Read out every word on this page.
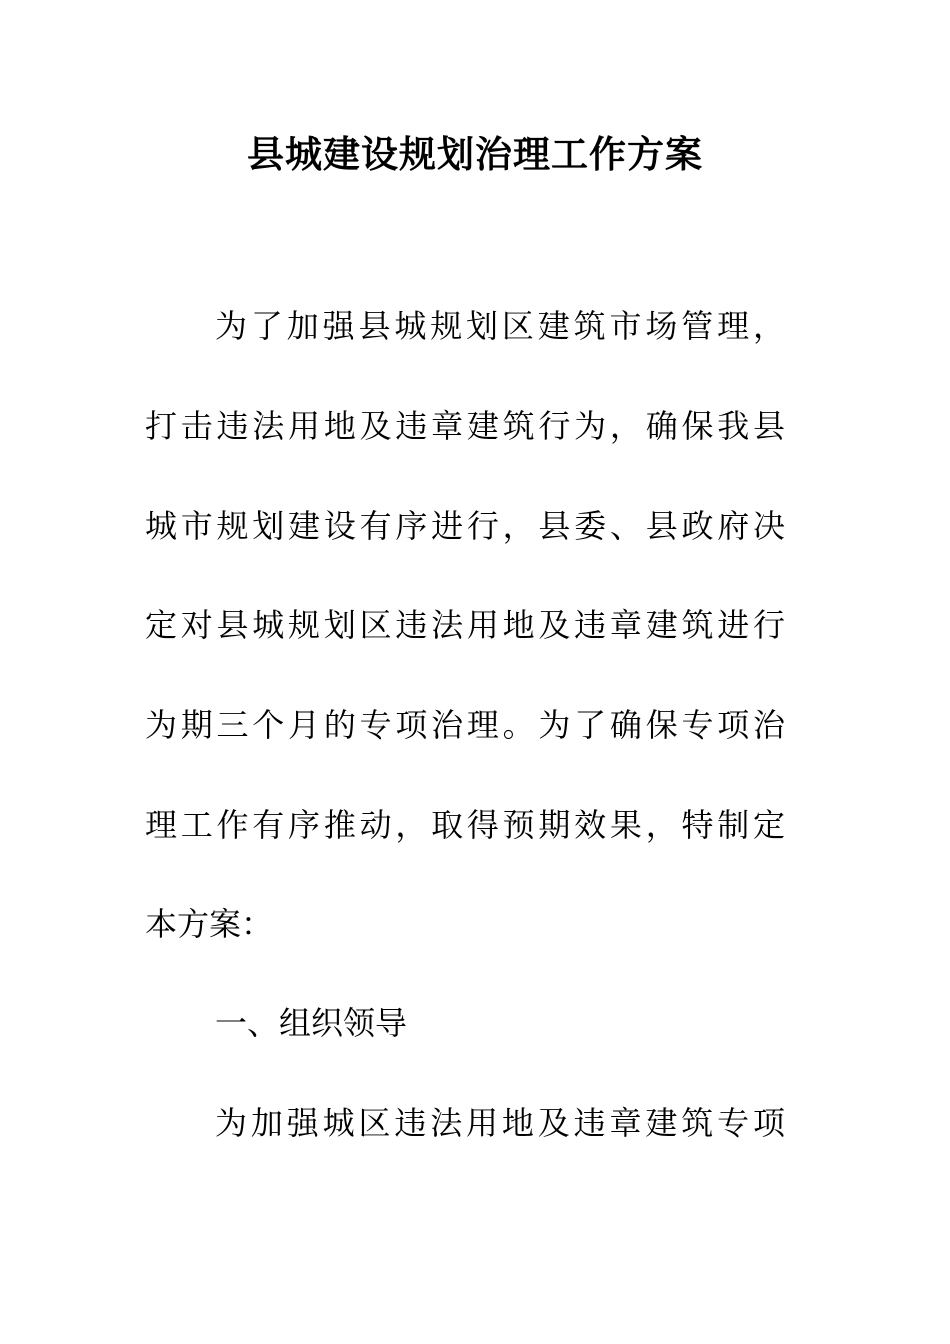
县城建设规划治理工作方案

为了加强县城规划区建筑市场管理，

打击违法用地及违章建筑行为，确保我县

城市规划建设有序进行，县委、县政府决

定对县城规划区违法用地及违章建筑进行

为期三个月的专项治理。为了确保专项治

理工作有序推动，取得预期效果，特制定

本方案：

一、组织领导

为加强城区违法用地及违章建筑专项
